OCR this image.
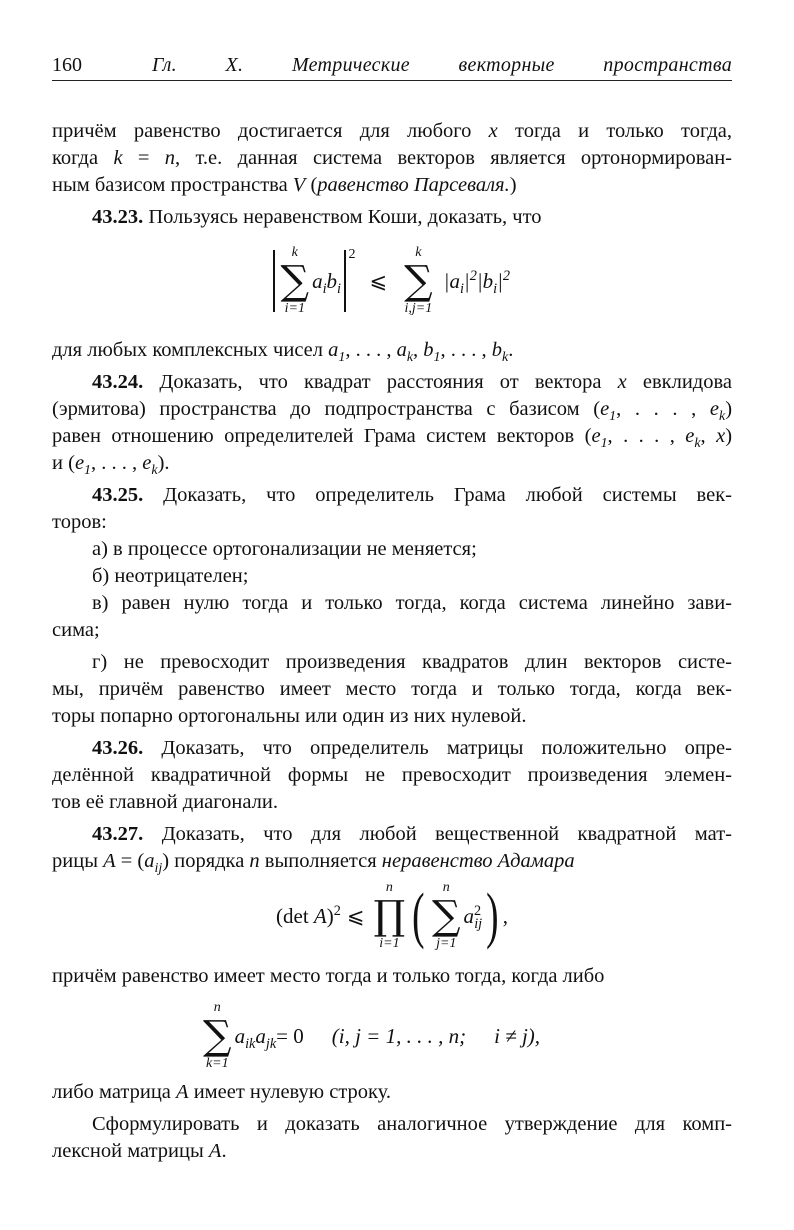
160	Гл. X. Метрические векторные пространства
причём равенство достигается для любого x тогда и только тогда,
когда k = n, т.е. данная система векторов является ортонормирован-
ным базисом пространства V (равенство Парсеваля.)
43.23. Пользуясь неравенством Коши, доказать, что
для любых комплексных чисел $a_1$, . . . , $a_k$, $b_1$, . . . , $b_k$.
43.24. Доказать, что квадрат расстояния от вектора x евклидова
(эрмитова) пространства до подпространства с базисом ($e_1$, . . . , $e_k$)
равен отношению определителей Грама систем векторов ($e_1$, . . . , $e_k$, x)
и ($e_1$, . . . , $e_k$).
43.25. Доказать, что определитель Грама любой системы век-
торов:
а) в процессе ортогонализации не меняется;
б) неотрицателен;
в) равен нулю тогда и только тогда, когда система линейно зави-
сима;
г) не превосходит произведения квадратов длин векторов систе-
мы, причём равенство имеет место тогда и только тогда, когда век-
торы попарно ортогональны или один из них нулевой.
43.26. Доказать, что определитель матрицы положительно опре-
делённой квадратичной формы не превосходит произведения элемен-
тов её главной диагонали.
43.27. Доказать, что для любой вещественной квадратной мат-
рицы $A = (a_{ij})$ порядка n выполняется неравенство Адамара
причём равенство имеет место тогда и только тогда, когда либо
либо матрица A имеет нулевую строку.
Сформулировать и доказать аналогичное утверждение для комп-
лексной матрицы A.
k
∑
i=1
$a_ib_i$
2
⩽
k
∑
i,j=1
$|a_i|^2|b_i|^2$
(det A)$^2$ ⩽
n
∏
i=1 ( n
∑
j=1
$a^2_{ij}$ ) ,
n
∑
k=1
$a_{ik}a_{jk} = 0$ (i, j = 1, . . . , n; i ≠ j),
